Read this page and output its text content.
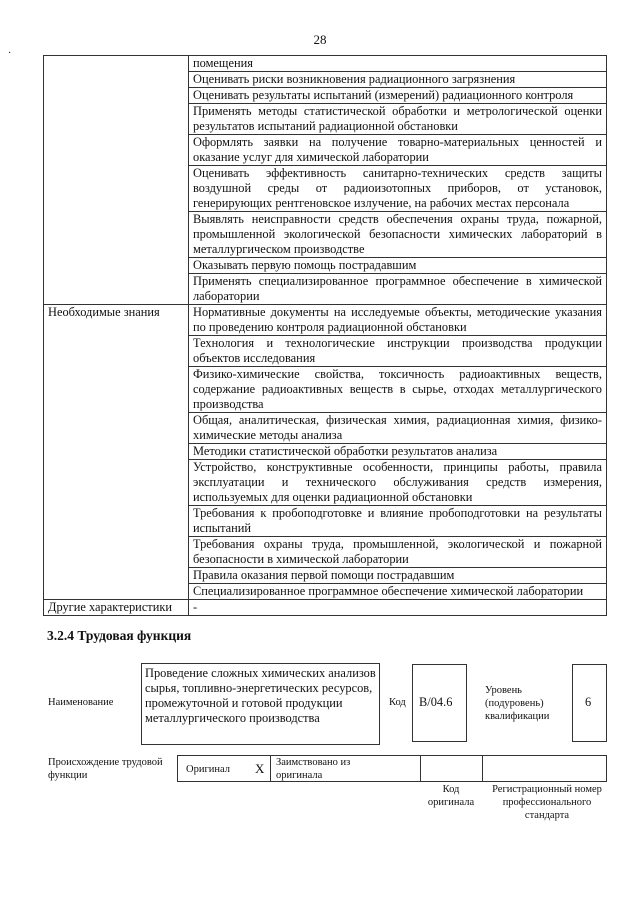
28
·
	помещения
	Оценивать риски возникновения радиационного загрязнения
	Оценивать результаты испытаний (измерений) радиационного контроля
	Применять методы статистической обработки и метрологической оценки результатов испытаний радиационной обстановки
	Оформлять заявки на получение товарно-материальных ценностей и оказание услуг для химической лаборатории
	Оценивать эффективность санитарно-технических средств защиты воздушной среды от радиоизотопных приборов, от установок, генерирующих рентгеновское излучение, на рабочих местах персонала
	Выявлять неисправности средств обеспечения охраны труда, пожарной, промышленной экологической безопасности химических лабораторий в металлургическом производстве
	Оказывать первую помощь пострадавшим
	Применять специализированное программное обеспечение в химической лаборатории
Необходимые знания	Нормативные документы на исследуемые объекты, методические указания по проведению контроля радиационной обстановки
	Технология и технологические инструкции производства продукции объектов исследования
	Физико-химические свойства, токсичность радиоактивных веществ, содержание радиоактивных веществ в сырье, отходах металлургического производства
	Общая, аналитическая, физическая химия, радиационная химия, физико-химические методы анализа
	Методики статистической обработки результатов анализа
	Устройство, конструктивные особенности, принципы работы, правила эксплуатации и технического обслуживания средств измерения, используемых для оценки радиационной обстановки
	Требования к пробоподготовке и влияние пробоподготовки на результаты испытаний
	Требования охраны труда, промышленной, экологической и пожарной безопасности в химической лаборатории
	Правила оказания первой помощи пострадавшим
	Специализированное программное обеспечение химической лаборатории
Другие характеристики	-
3.2.4 Трудовая функция
Наименование
Проведение сложных химических анализов сырья, топливно-энергетических ресурсов, промежуточной и готовой продукции металлургического производства
Код	B/04.6
Уровень (подуровень) квалификации
6
Происхождение трудовой функции
Оригинал X Заимствовано из оригинала
Код оригинала
Регистрационный номер профессионального стандарта
